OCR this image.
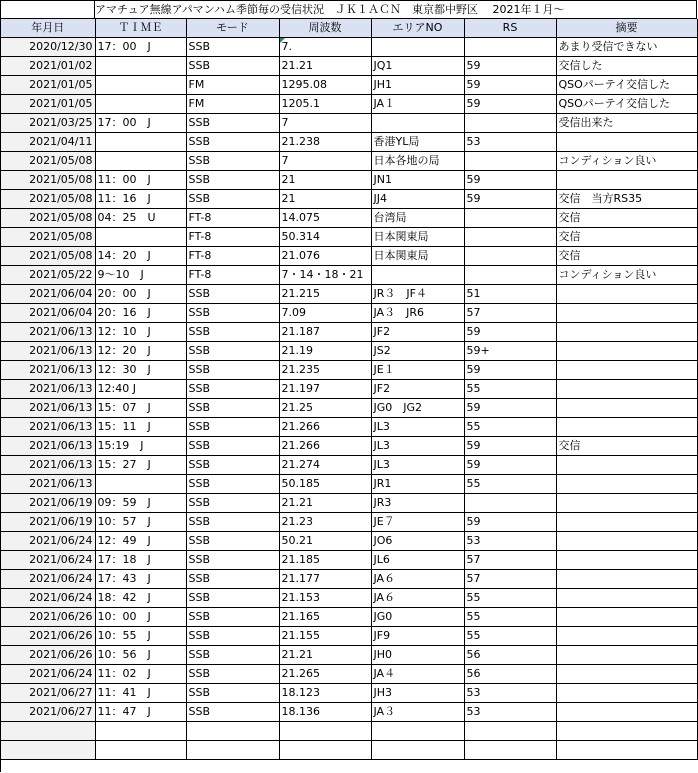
アマチュア無線アパマンハム季節毎の受信状況　ＪＫ１ＡＣＮ　東京都中野区　 2021年１月～
年月日	ＴＩＭＥ	モード	周波数	エリアNO	RS	摘要
2020/12/30	17：00　J	SSB	7.			あまり受信できない
2021/01/02		SSB	21.21	JQ1	59	交信した
2021/01/05		FM	1295.08	JH1	59	QSOパーテイ交信した
2021/01/05		FM	1205.1	JA１	59	QSOパーテイ交信した
2021/03/25	17：00　J	SSB	7			受信出来た
2021/04/11		SSB	21.238	香港YL局	53	
2021/05/08		SSB	7	日本各地の局		コンディション良い
2021/05/08	11：00　J	SSB	21	JN1	59	
2021/05/08	11：16　J	SSB	21	JJ4	59	交信　当方RS35
2021/05/08	04：25　U	FT-8	14.075	台湾局		交信
2021/05/08		FT-8	50.314	日本関東局		交信
2021/05/08	14：20　J	FT-8	21.076	日本関東局		交信
2021/05/22	9～10　J	FT-8	7・14・18・21			コンディション良い
2021/06/04	20：00　J	SSB	21.215	JR３　JF４	51	
2021/06/04	20：16　J	SSB	7.09	JA３　JR6	57	
2021/06/13	12：10　J	SSB	21.187	JF2	59	
2021/06/13	12：20　J	SSB	21.19	JS2	59+	
2021/06/13	12：30　J	SSB	21.235	JE１	59	
2021/06/13	12:40 J	SSB	21.197	JF2	55	
2021/06/13	15：07　J	SSB	21.25	JG0　JG2	59	
2021/06/13	15：11　J	SSB	21.266	JL3	55	
2021/06/13	15:19　J	SSB	21.266	JL3	59	交信
2021/06/13	15：27　J	SSB	21.274	JL3	59	
2021/06/13		SSB	50.185	JR1	55	
2021/06/19	09：59　J	SSB	21.21	JR3		
2021/06/19	10：57　J	SSB	21.23	JE７	59	
2021/06/24	12：49　J	SSB	50.21	JO6	53	
2021/06/24	17：18　J	SSB	21.185	JL6	57	
2021/06/24	17：43　J	SSB	21.177	JA６	57	
2021/06/24	18：42　J	SSB	21.153	JA６	55	
2021/06/26	10：00　J	SSB	21.165	JG0	55	
2021/06/26	10：55　J	SSB	21.155	JF9	55	
2021/06/26	10：56　J	SSB	21.21	JH0	56	
2021/06/24	11：02　J	SSB	21.265	JA４	56	
2021/06/27	11：41　J	SSB	18.123	JH3	53	
2021/06/27	11：47　J	SSB	18.136	JA３	53	
